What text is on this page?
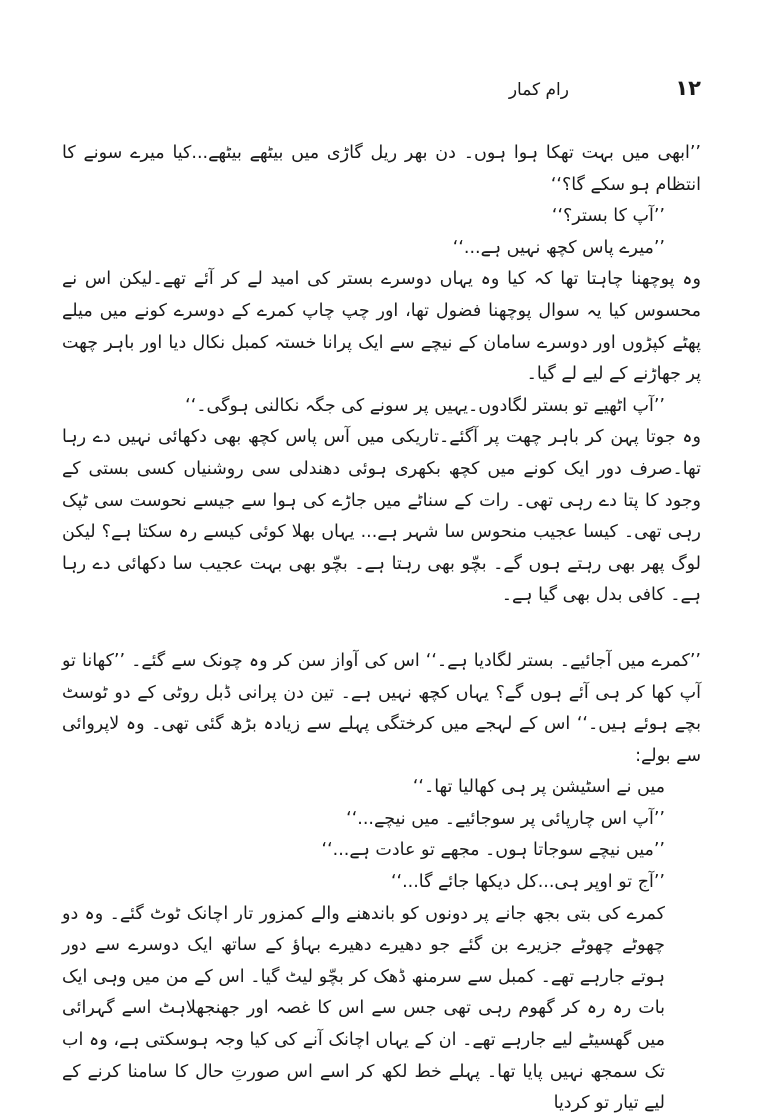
۱۲
رام کمار

’’ابھی میں بہت تھکا ہوا ہوں۔ دن بھر ریل گاڑی میں بیٹھے بیٹھے...کیا میرے سونے کا انتظام ہو سکے گا؟‘‘

’’آپ کا بستر؟‘‘

’’میرے پاس کچھ نہیں ہے...‘‘

وہ پوچھنا چاہتا تھا کہ کیا وہ یہاں دوسرے بستر کی امید لے کر آئے تھے۔لیکن اس نے محسوس کیا یہ سوال پوچھنا فضول تھا، اور چپ چاپ کمرے کے دوسرے کونے میں میلے پھٹے کپڑوں اور دوسرے سامان کے نیچے سے ایک پرانا خستہ کمبل نکال دیا اور باہر چھت پر جھاڑنے کے لیے لے گیا۔

’’آپ اٹھیے تو بستر لگادوں۔یہیں پر سونے کی جگہ نکالنی ہوگی۔‘‘

وہ جوتا پہن کر باہر چھت پر آگئے۔تاریکی میں آس پاس کچھ بھی دکھائی نہیں دے رہا تھا۔صرف دور ایک کونے میں کچھ بکھری ہوئی دھندلی سی روشنیاں کسی بستی کے وجود کا پتا دے رہی تھی۔ رات کے سناٹے میں جاڑے کی ہوا سے جیسے نحوست سی ٹپک رہی تھی۔ کیسا عجیب منحوس سا شہر ہے... یہاں بھلا کوئی کیسے رہ سکتا ہے؟ لیکن لوگ پھر بھی رہتے ہوں گے۔ بچّو بھی رہتا ہے۔ بچّو بھی بہت عجیب سا دکھائی دے رہا ہے۔ کافی بدل بھی گیا ہے۔

’’کمرے میں آجائیے۔ بستر لگادیا ہے۔‘‘ اس کی آواز سن کر وہ چونک سے گئے۔ ’’کھانا تو آپ کھا کر ہی آئے ہوں گے؟ یہاں کچھ نہیں ہے۔ تین دن پرانی ڈبل روٹی کے دو ٹوسٹ بچے ہوئے ہیں۔‘‘ اس کے لہجے میں کرختگی پہلے سے زیادہ بڑھ گئی تھی۔ وہ لاپروائی سے بولے:

میں نے اسٹیشن پر ہی کھالیا تھا۔‘‘

’’آپ اس چارپائی پر سوجائیے۔ میں نیچے...‘‘

’’میں نیچے سوجاتا ہوں۔ مجھے تو عادت ہے...‘‘

’’آج تو اوپر ہی...کل دیکھا جائے گا...‘‘

کمرے کی بتی بجھ جانے پر دونوں کو باندھنے والے کمزور تار اچانک ٹوٹ گئے۔ وہ دو چھوٹے چھوٹے جزیرے بن گئے جو دھیرے دھیرے بہاؤ کے ساتھ ایک دوسرے سے دور ہوتے جارہے تھے۔ کمبل سے سرمنھ ڈھک کر بچّو لیٹ گیا۔ اس کے من میں وہی ایک بات رہ رہ کر گھوم رہی تھی جس سے اس کا غصہ اور جھنجھلاہٹ اسے گہرائی میں گھسیٹے لیے جارہے تھے۔ ان کے یہاں اچانک آنے کی کیا وجہ ہوسکتی ہے، وہ اب تک سمجھ نہیں پایا تھا۔ پہلے خط لکھ کر اسے اس صورتِ حال کا سامنا کرنے کے لیے تیار تو کردیا
